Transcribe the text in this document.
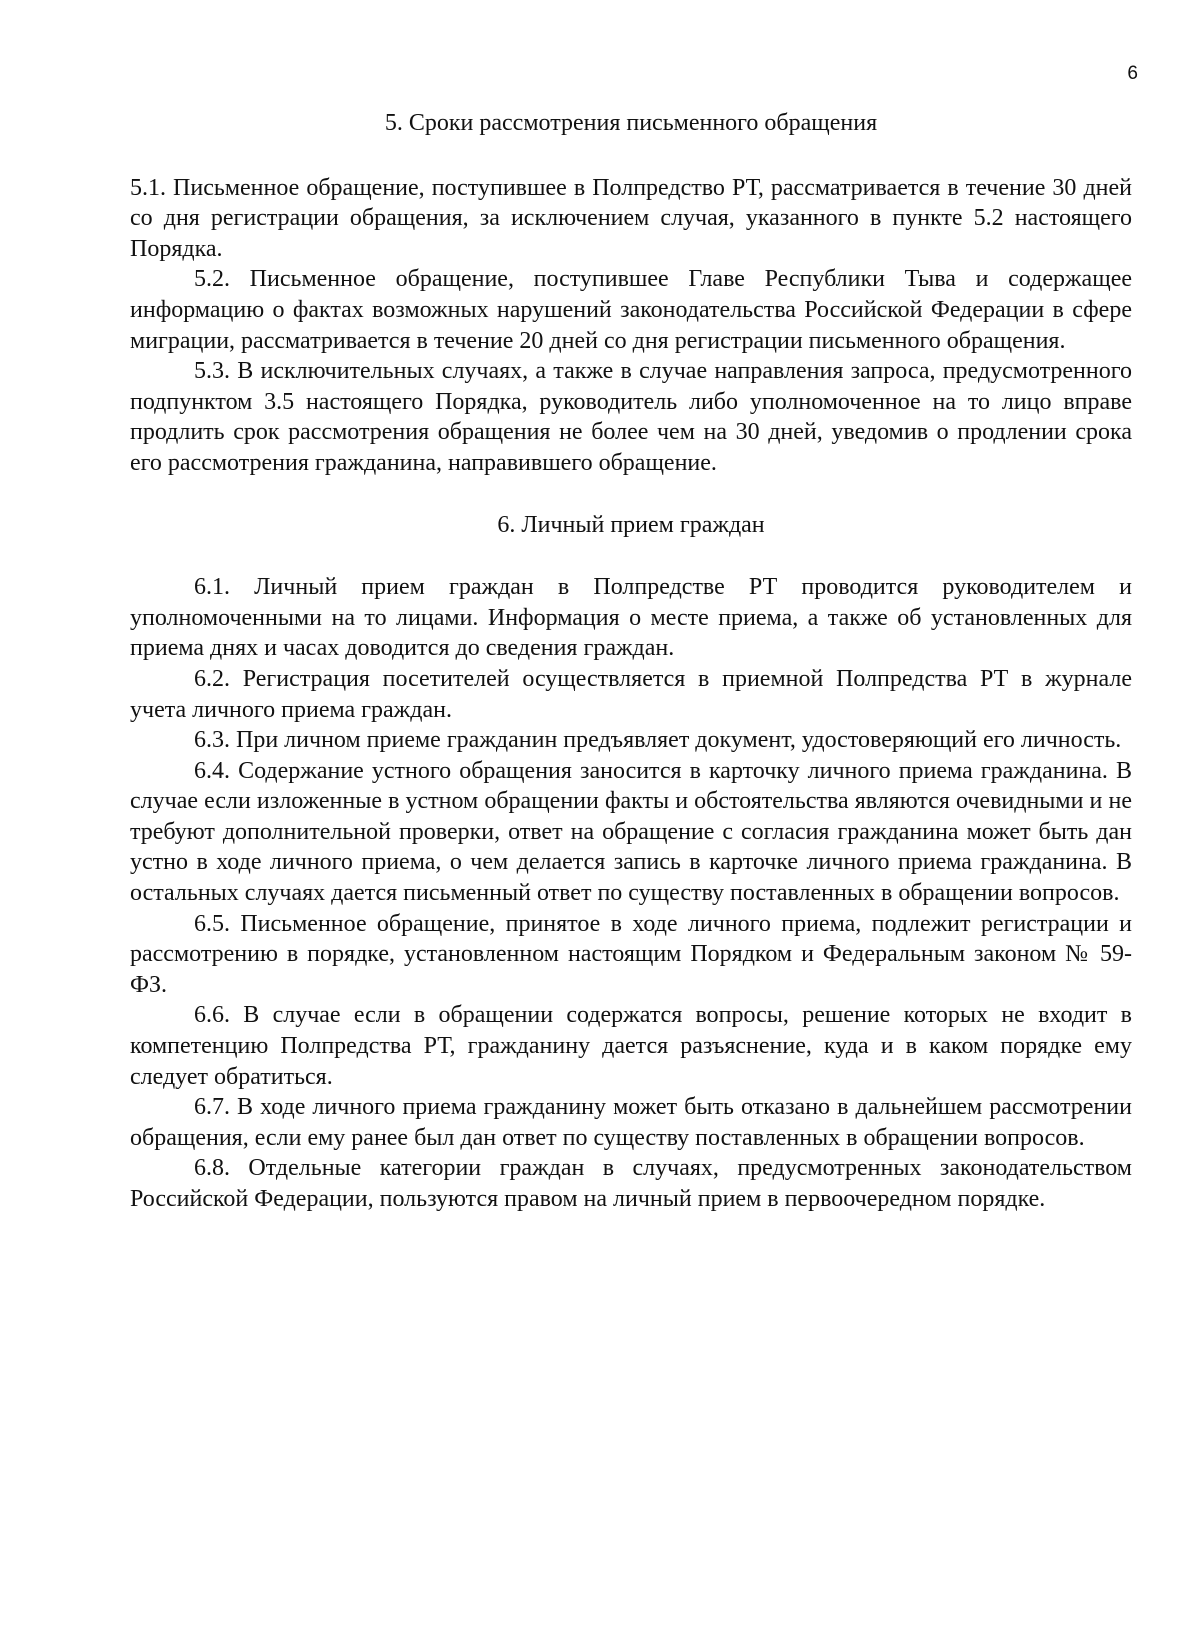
6
5. Сроки рассмотрения письменного обращения

5.1. Письменное обращение, поступившее в Полпредство РТ, рассматривается в течение 30 дней со дня регистрации обращения, за исключением случая, указанного в пункте 5.2 настоящего Порядка.

5.2. Письменное обращение, поступившее Главе Республики Тыва и содержащее информацию о фактах возможных нарушений законодательства Российской Федерации в сфере миграции, рассматривается в течение 20 дней со дня регистрации письменного обращения.

5.3. В исключительных случаях, а также в случае направления запроса, предусмотренного подпунктом 3.5 настоящего Порядка, руководитель либо уполномоченное на то лицо вправе продлить срок рассмотрения обращения не более чем на 30 дней, уведомив о продлении срока его рассмотрения гражданина, направившего обращение.

6. Личный прием граждан

6.1. Личный прием граждан в Полпредстве РТ проводится руководителем и уполномоченными на то лицами. Информация о месте приема, а также об установленных для приема днях и часах доводится до сведения граждан.

6.2. Регистрация посетителей осуществляется в приемной Полпредства РТ в журнале учета личного приема граждан.

6.3. При личном приеме гражданин предъявляет документ, удостоверяющий его личность.

6.4. Содержание устного обращения заносится в карточку личного приема гражданина. В случае если изложенные в устном обращении факты и обстоятельства являются очевидными и не требуют дополнительной проверки, ответ на обращение с согласия гражданина может быть дан устно в ходе личного приема, о чем делается запись в карточке личного приема гражданина. В остальных случаях дается письменный ответ по существу поставленных в обращении вопросов.

6.5. Письменное обращение, принятое в ходе личного приема, подлежит регистрации и рассмотрению в порядке, установленном настоящим Порядком и Федеральным законом № 59-ФЗ.

6.6. В случае если в обращении содержатся вопросы, решение которых не входит в компетенцию Полпредства РТ, гражданину дается разъяснение, куда и в каком порядке ему следует обратиться.

6.7. В ходе личного приема гражданину может быть отказано в дальнейшем рассмотрении обращения, если ему ранее был дан ответ по существу поставленных в обращении вопросов.

6.8. Отдельные категории граждан в случаях, предусмотренных законодательством Российской Федерации, пользуются правом на личный прием в первоочередном порядке.
